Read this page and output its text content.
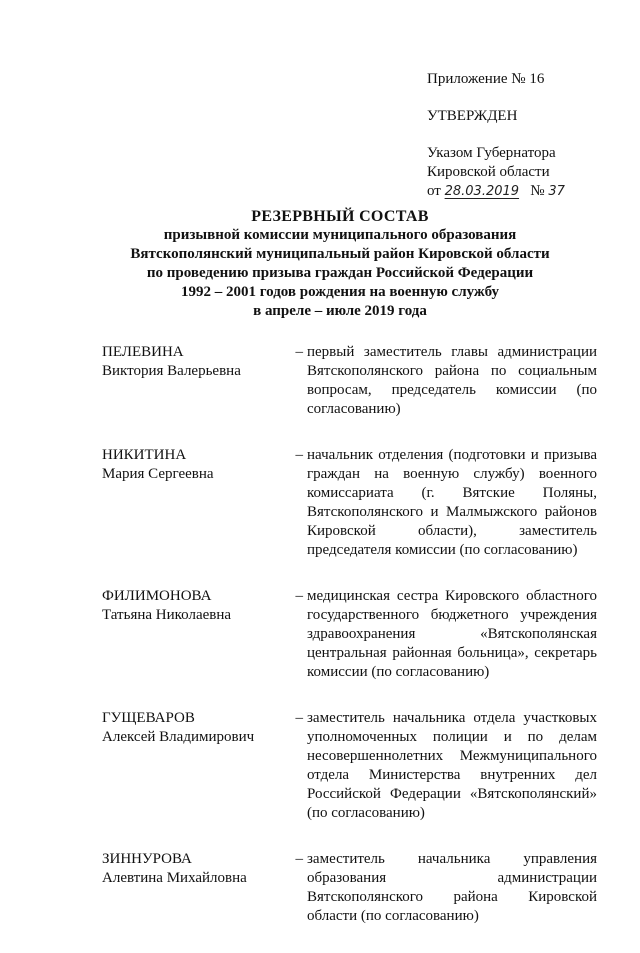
Приложение № 16
УТВЕРЖДЕН
Указом Губернатора
Кировской области
от 28.03.2019 № 37
РЕЗЕРВНЫЙ СОСТАВ
призывной комиссии муниципального образования
Вятскополянский муниципальный район Кировской области
по проведению призыва граждан Российской Федерации
1992 – 2001 годов рождения на военную службу
в апреле – июле 2019 года
ПЕЛЕВИНА
Виктория Валерьевна
– первый заместитель главы администрации Вятскополянского района по социальным вопросам, председатель комиссии (по согласованию)
НИКИТИНА
Мария Сергеевна
– начальник отделения (подготовки и призыва граждан на военную службу) военного комиссариата (г. Вятские Поляны, Вятскополянского и Малмыжского районов Кировской области), заместитель председателя комиссии (по согласованию)
ФИЛИМОНОВА
Татьяна Николаевна
– медицинская сестра Кировского областного государственного бюджетного учреждения здравоохранения «Вятскополянская центральная районная больница», секретарь комиссии (по согласованию)
ГУЩЕВАРОВ
Алексей Владимирович
– заместитель начальника отдела участковых уполномоченных полиции и по делам несовершеннолетних Межмуниципального отдела Министерства внутренних дел Российской Федерации «Вятскополянский» (по согласованию)
ЗИННУРОВА
Алевтина Михайловна
– заместитель начальника управления образования администрации Вятскополянского района Кировской области (по согласованию)
